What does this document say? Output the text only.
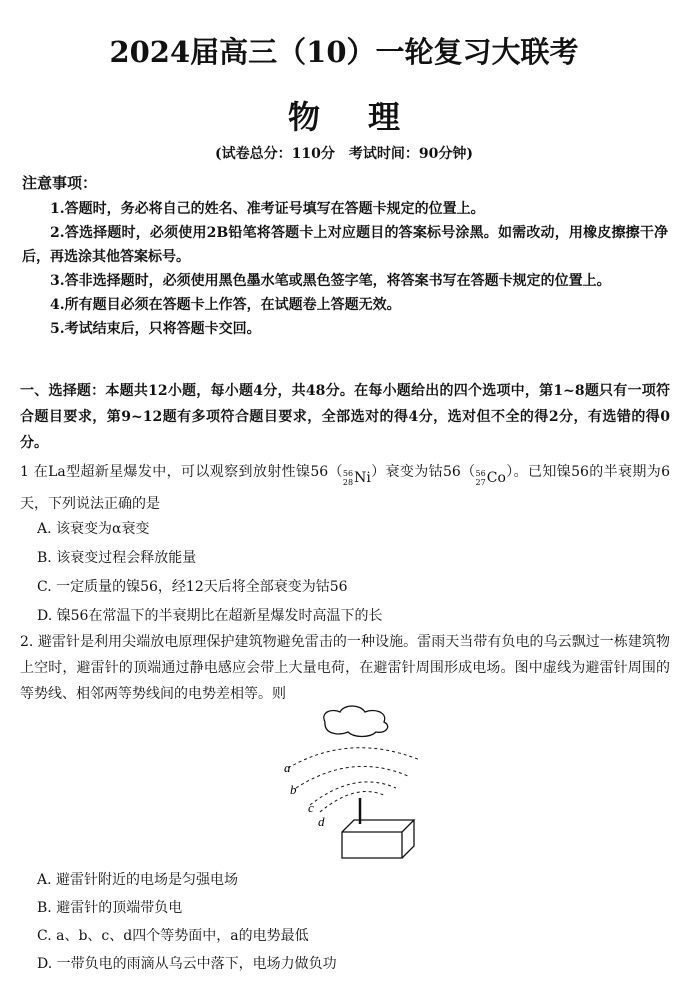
2024届高三（10）一轮复习大联考
物 理
(试卷总分：110分　考试时间：90分钟)
注意事项：

1.答题时，务必将自己的姓名、准考证号填写在答题卡规定的位置上。

2.答选择题时，必须使用2B铅笔将答题卡上对应题目的答案标号涂黑。如需改动，用橡皮擦擦干净后，再选涂其他答案标号。

3.答非选择题时，必须使用黑色墨水笔或黑色签字笔，将答案书写在答题卡规定的位置上。

4.所有题目必须在答题卡上作答，在试题卷上答题无效。

5.考试结束后，只将答题卡交回。

一、选择题：本题共12小题，每小题4分，共48分。在每小题给出的四个选项中，第1~8题只有一项符合题目要求，第9~12题有多项符合题目要求，全部选对的得4分，选对但不全的得2分，有选错的得0分。
1 在La型超新星爆发中，可以观察到放射性镍56（ 56
28 Ni ）衰变为钴56（ 56
27 Co ）。已知镍56的半衰期为6天，下列说法正确的是
A. 该衰变为α衰变
B. 该衰变过程会释放能量
C. 一定质量的镍56，经12天后将全部衰变为钴56
D. 镍56在常温下的半衰期比在超新星爆发时高温下的长
2. 避雷针是利用尖端放电原理保护建筑物避免雷击的一种设施。雷雨天当带有负电的乌云飘过一栋建筑物上空时，避雷针的顶端通过静电感应会带上大量电荷，在避雷针周围形成电场。图中虚线为避雷针周围的等势线、相邻两等势线间的电势差相等。则
a
b
c
d
A. 避雷针附近的电场是匀强电场
B. 避雷针的顶端带负电
C. a、b、c、d四个等势面中，a的电势最低
D. 一带负电的雨滴从乌云中落下，电场力做负功
